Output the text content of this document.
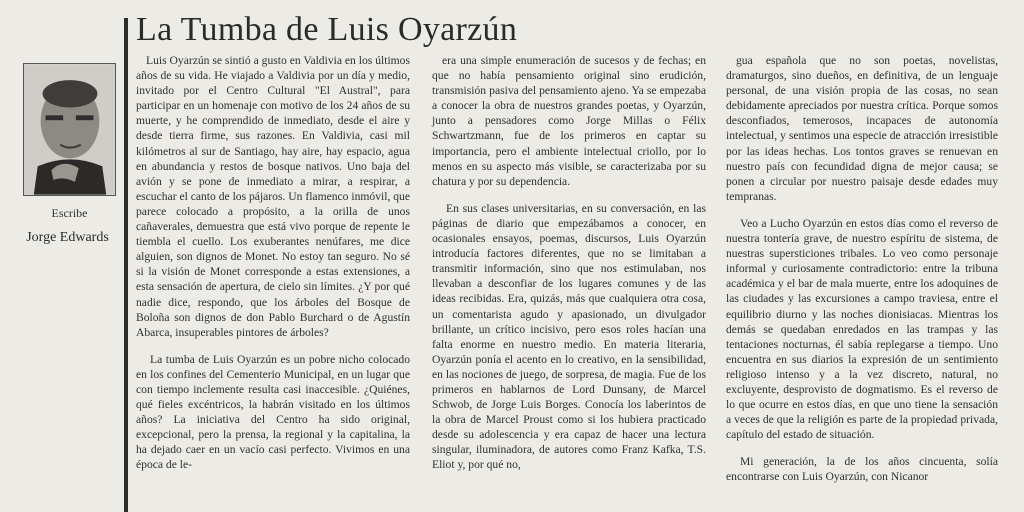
La Tumba de Luis Oyarzún
Escribe
Jorge Edwards

Luis Oyarzún se sintió a gusto en Valdivia en los últimos años de su vida. He viajado a Valdivia por un día y medio, invitado por el Centro Cultural "El Austral", para participar en un homenaje con motivo de los 24 años de su muerte, y he comprendido de inmediato, desde el aire y desde tierra firme, sus razones. En Valdivia, casi mil kilómetros al sur de Santiago, hay aire, hay espacio, agua en abundancia y restos de bosque nativos. Uno baja del avión y se pone de inmediato a mirar, a respirar, a escuchar el canto de los pájaros. Un flamenco inmóvil, que parece colocado a propósito, a la orilla de unos cañaverales, demuestra que está vivo porque de repente le tiembla el cuello. Los exuberantes nenúfares, me dice alguien, son dignos de Monet. No estoy tan seguro. No sé si la visión de Monet corresponde a estas extensiones, a esta sensación de apertura, de cielo sin límites. ¿Y por qué nadie dice, respondo, que los árboles del Bosque de Boloña son dignos de don Pablo Burchard o de Agustín Abarca, insuperables pintores de árboles?

La tumba de Luis Oyarzún es un pobre nicho colocado en los confines del Cementerio Municipal, en un lugar que con tiempo inclemente resulta casi inaccesible. ¿Quiénes, qué fieles excéntricos, la habrán visitado en los últimos años? La iniciativa del Centro ha sido original, excepcional, pero la prensa, la regional y la capitalina, la ha dejado caer en un vacío casi perfecto. Vivimos en una época de le-

era una simple enumeración de sucesos y de fechas; en que no había pensamiento original sino erudición, transmisión pasiva del pensamiento ajeno. Ya se empezaba a conocer la obra de nuestros grandes poetas, y Oyarzún, junto a pensadores como Jorge Millas o Félix Schwartzmann, fue de los primeros en captar su importancia, pero el ambiente intelectual criollo, por lo menos en su aspecto más visible, se caracterizaba por su chatura y por su dependencia.

En sus clases universitarias, en su conversación, en las páginas de diario que empezábamos a conocer, en ocasionales ensayos, poemas, discursos, Luis Oyarzún introducía factores diferentes, que no se limitaban a transmitir información, sino que nos estimulaban, nos llevaban a desconfiar de los lugares comunes y de las ideas recibidas. Era, quizás, más que cualquiera otra cosa, un comentarista agudo y apasionado, un divulgador brillante, un crítico incisivo, pero esos roles hacían una falta enorme en nuestro medio. En materia literaria, Oyarzún ponía el acento en lo creativo, en la sensibilidad, en las nociones de juego, de sorpresa, de magia. Fue de los primeros en hablarnos de Lord Dunsany, de Marcel Schwob, de Jorge Luis Borges. Conocía los laberintos de la obra de Marcel Proust como si los hubiera practicado desde su adolescencia y era capaz de hacer una lectura singular, iluminadora, de autores como Franz Kafka, T.S. Eliot y, por qué no,

gua española que no son poetas, novelistas, dramaturgos, sino dueños, en definitiva, de un lenguaje personal, de una visión propia de las cosas, no sean debidamente apreciados por nuestra crítica. Porque somos desconfiados, temerosos, incapaces de autonomía intelectual, y sentimos una especie de atracción irresistible por las ideas hechas. Los tontos graves se renuevan en nuestro país con fecundidad digna de mejor causa; se ponen a circular por nuestro paisaje desde edades muy tempranas.

Veo a Lucho Oyarzún en estos días como el reverso de nuestra tontería grave, de nuestro espíritu de sistema, de nuestras supersticiones tribales. Lo veo como personaje informal y curiosamente contradictorio: entre la tribuna académica y el bar de mala muerte, entre los adoquines de las ciudades y las excursiones a campo traviesa, entre el equilibrio diurno y las noches dionisiacas. Mientras los demás se quedaban enredados en las trampas y las tentaciones nocturnas, él sabía replegarse a tiempo. Uno encuentra en sus diarios la expresión de un sentimiento religioso intenso y a la vez discreto, natural, no excluyente, desprovisto de dogmatismo. Es el reverso de lo que ocurre en estos días, en que uno tiene la sensación a veces de que la religión es parte de la propiedad privada, capítulo del estado de situación.

Mi generación, la de los años cincuenta, solía encontrarse con Luis Oyarzún, con Nicanor
